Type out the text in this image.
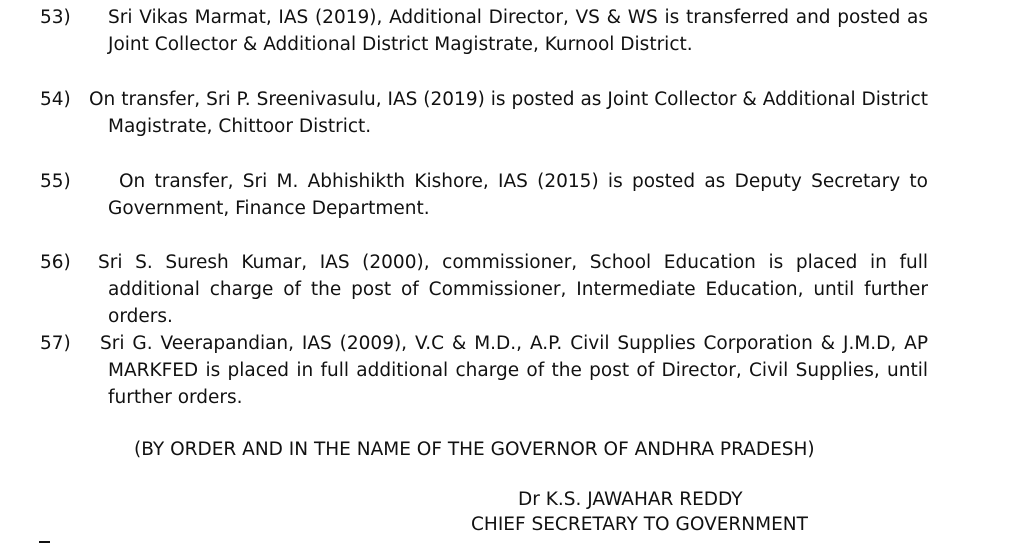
53)	Sri Vikas Marmat, IAS (2019), Additional Director, VS & WS is transferred and posted as Joint Collector & Additional District Magistrate, Kurnool District.
54) On transfer, Sri P. Sreenivasulu, IAS (2019) is posted as Joint Collector & Additional District Magistrate, Chittoor District.
55)	On transfer, Sri M. Abhishikth Kishore, IAS (2015) is posted as Deputy Secretary to Government, Finance Department.
56)	Sri S. Suresh Kumar, IAS (2000), commissioner, School Education is placed in full additional charge of the post of Commissioner, Intermediate Education, until further orders.
57)	Sri G. Veerapandian, IAS (2009), V.C & M.D., A.P. Civil Supplies Corporation & J.M.D, AP MARKFED is placed in full additional charge of the post of Director, Civil Supplies, until further orders.
(BY ORDER AND IN THE NAME OF THE GOVERNOR OF ANDHRA PRADESH)
Dr K.S. JAWAHAR REDDY
CHIEF SECRETARY TO GOVERNMENT
